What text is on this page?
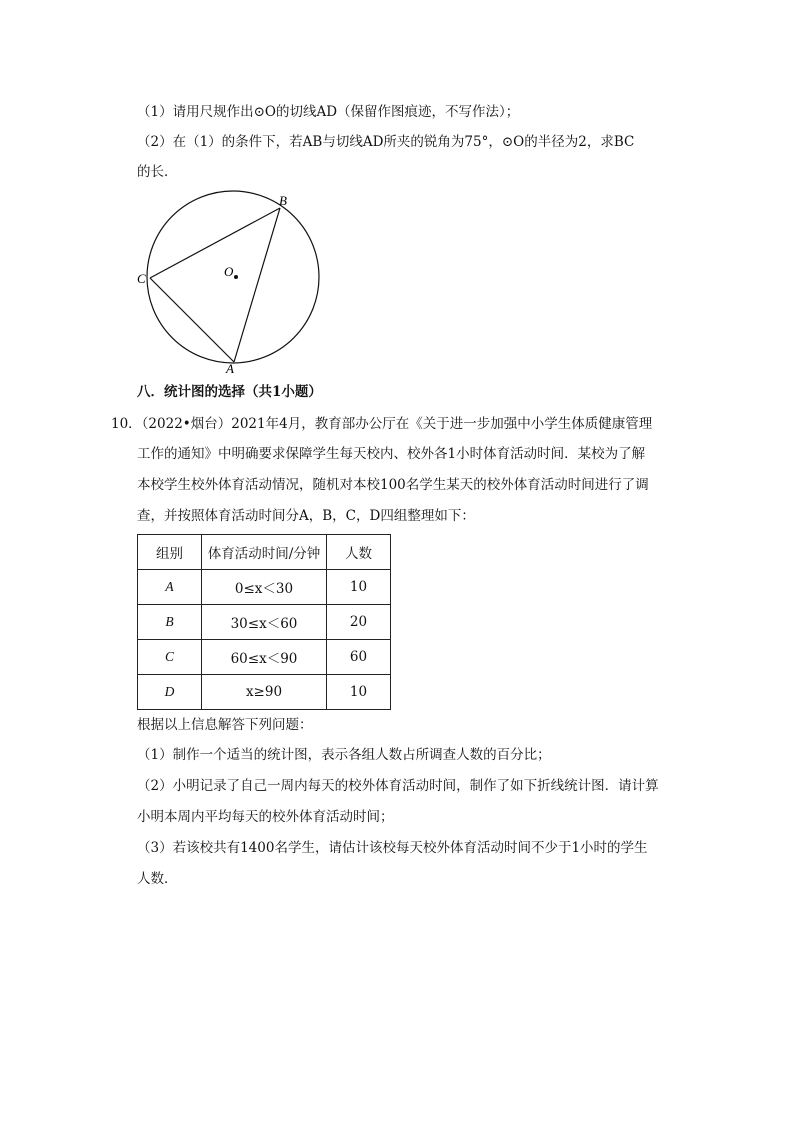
（1）请用尺规作出⊙O的切线AD（保留作图痕迹，不写作法）；
（2）在（1）的条件下，若AB与切线AD所夹的锐角为75°，⊙O的半径为2，求BC
的长．
B
C	O
A
八．统计图的选择（共1小题）
10．（2022•烟台）2021年4月，教育部办公厅在《关于进一步加强中小学生体质健康管理
工作的通知》中明确要求保障学生每天校内、校外各1小时体育活动时间．某校为了解
本校学生校外体育活动情况，随机对本校100名学生某天的校外体育活动时间进行了调
查，并按照体育活动时间分A，B，C，D四组整理如下：
组别	体育活动时间/分钟	人数
A	0≤x＜30	10
B	30≤x＜60	20
C	60≤x＜90	60
D	x≥90	10
根据以上信息解答下列问题：
（1）制作一个适当的统计图，表示各组人数占所调查人数的百分比；
（2）小明记录了自己一周内每天的校外体育活动时间，制作了如下折线统计图．请计算
小明本周内平均每天的校外体育活动时间；
（3）若该校共有1400名学生，请估计该校每天校外体育活动时间不少于1小时的学生
人数．
